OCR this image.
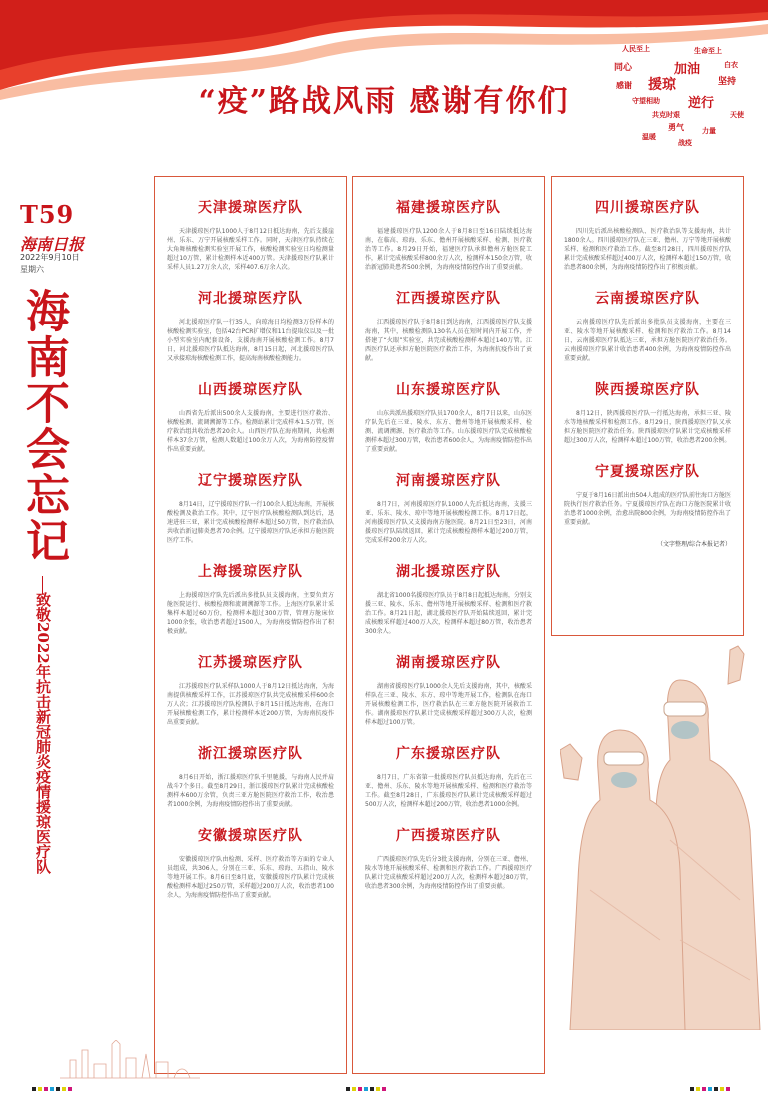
“疫”路战风雨 感谢有你们
人民至上	生命至上
加油
援琼
同心
逆行
守望相助
坚持
感谢
共克时艰
白衣
天使
勇气	力量
温暖
战疫
T59
海南日报
2022年9月10日
星期六
海南不会忘记
致敬2022年抗击新冠肺炎疫情援琼医疗队
天津援琼医疗队
天津援琼医疗队1000人于8月12日抵达海南，先后支援崖州、乐东、万宁开展核酸采样工作。同时，天津医疗队持续在大角舞核酸检测实验室开展工作，核酸检测实验室日均检测量超过10万管，累计检测样本近400万管。天津援琼医疗队累计采样人员1.27万余人次，采样407.6万余人次。
河北援琼医疗队
河北援琼医疗队一行35人，向琼海日均检测3万份样本的核酸检测实验室，包括42台PCR扩增仪和11台提取仪以及一批小型实验室内配套设备，支援海南开展核酸检测工作。8月7日，河北援琼医疗队抵达海南，8月15日起，河北援琼医疗队又承接琼海核酸检测工作，提高海南核酸检测能力。
山西援琼医疗队
山西省先后派出500余人支援海南，主要进行医疗救治、核酸检测、流调溯源等工作。检测站累计完成样本1.5万管，医疗救治组共收治患者20余人。山西医疗队在海南期间，共检测样本37余万管，检测人数超过100余万人次，为海南防控疫情作出重要贡献。
辽宁援琼医疗队
8月14日，辽宁援琼医疗队一行100余人抵达海南，开展核酸检测及救治工作。其中，辽宁医疗队核酸检测队到达后，迅速进驻三亚，累计完成核酸检测样本超过50万管，医疗救治队共收治新冠肺炎患者70余例。辽宁援琼医疗队还承担方舱医院医疗工作。
上海援琼医疗队
上海援琼医疗队先后派出多批队员支援海南，主要负责方舱医院运行、核酸检测和流调溯源等工作。上海医疗队累计采集样本超过60万份，检测样本超过300万管，管理方舱床位1000余张，收治患者超过1500人，为海南疫情防控作出了积极贡献。
江苏援琼医疗队
江苏援琼医疗队采样队1000人于8月12日抵达海南，为海南提供核酸采样工作，江苏援琼医疗队共完成核酸采样600余万人次；江苏援琼医疗队检测队于8月15日抵达海南，在海口开展核酸检测工作，累计检测样本近200万管，为海南抗疫作出重要贡献。
浙江援琼医疗队
8月6日开始，浙江援琼医疗队千里驰援，与海南人民并肩战斗7个多日。截至8月29日，浙江援琼医疗队累计完成核酸检测样本600万余管，负责三亚方舱医院医疗救治工作，收治患者1000余例，为海南疫情防控作出了重要贡献。
安徽援琼医疗队
安徽援琼医疗队由检测、采样、医疗救治等方面的专业人员组成，共306人，分别在三亚、乐东、琼海、五指山、陵水等地开展工作。8月6日至8月底，安徽援琼医疗队累计完成核酸检测样本超过250万管，采样超过200万人次，收治患者100余人，为海南疫情防控作出了重要贡献。
福建援琼医疗队
福建援琼医疗队1200余人于8月8日至16日陆续抵达海南，在临高、琼海、乐东、儋州开展核酸采样、检测、医疗救治等工作。8月29日开始，福建医疗队承担儋州方舱医院工作，累计完成核酸采样800余万人次，检测样本150余万管，收治新冠肺炎患者500余例，为海南疫情防控作出了重要贡献。
江西援琼医疗队
江西援琼医疗队于8月8日到达海南，江西援琼医疗队支援海南，其中，核酸检测队130名人员在短时间内开展工作，并搭建了“火眼”实验室，共完成核酸检测样本超过140万管。江西医疗队还承担方舱医院医疗救治工作，为海南抗疫作出了贡献。
山东援琼医疗队
山东共派出援琼医疗队员1700余人，8月7日以来，山东医疗队先后在三亚、陵水、东方、儋州等地开展核酸采样、检测、流调溯源、医疗救治等工作。山东援琼医疗队完成核酸检测样本超过300万管，收治患者600余人，为海南疫情防控作出了重要贡献。
河南援琼医疗队
8月7日，河南援琼医疗队1000人先后抵达海南，支援三亚、乐东、陵水、琼中等地开展核酸检测工作。8月17日起，河南援琼医疗队又支援海南方舱医院。8月21日至23日，河南援琼医疗队陆续返回，累计完成核酸检测样本超过200万管，完成采样200余万人次。
湖北援琼医疗队
湖北省1000名援琼医疗队员于8月8日起抵达海南，分别支援三亚、陵水、乐东、儋州等地开展核酸采样、检测和医疗救治工作。8月21日起，湖北援琼医疗队开始陆续返回，累计完成核酸采样超过400万人次，检测样本超过80万管，收治患者300余人。
湖南援琼医疗队
湖南省援琼医疗队1000余人先后支援海南，其中，核酸采样队在三亚、陵水、东方、琼中等地开展工作，检测队在海口开展核酸检测工作，医疗救治队在三亚方舱医院开展救治工作。湖南援琼医疗队累计完成核酸采样超过300万人次，检测样本超过100万管。
广东援琼医疗队
8月7日，广东省第一批援琼医疗队员抵达海南，先后在三亚、儋州、乐东、陵水等地开展核酸采样、检测和医疗救治等工作。截至8月28日，广东援琼医疗队累计完成核酸采样超过500万人次，检测样本超过200万管，收治患者1000余例。
广西援琼医疗队
广西援琼医疗队先后分3批支援海南，分别在三亚、儋州、陵水等地开展核酸采样、检测和医疗救治工作。广西援琼医疗队累计完成核酸采样超过200万人次，检测样本超过80万管，收治患者300余例，为海南疫情防控作出了重要贡献。
四川援琼医疗队
四川先后派出核酸检测队、医疗救治队等支援海南，共计1800余人。四川援琼医疗队在三亚、儋州、万宁等地开展核酸采样、检测和医疗救治工作。截至8月28日，四川援琼医疗队累计完成核酸采样超过400万人次，检测样本超过150万管，收治患者800余例，为海南疫情防控作出了积极贡献。
云南援琼医疗队
云南援琼医疗队先后派出多批队员支援海南，主要在三亚、陵水等地开展核酸采样、检测和医疗救治工作。8月14日，云南援琼医疗队抵达三亚，承担方舱医院医疗救治任务。云南援琼医疗队累计收治患者400余例，为海南疫情防控作出重要贡献。
陕西援琼医疗队
8月12日，陕西援琼医疗队一行抵达海南，承担三亚、陵水等地核酸采样和检测工作。8月29日，陕西援琼医疗队又承担方舱医院医疗救治任务。陕西援琼医疗队累计完成核酸采样超过300万人次，检测样本超过100万管，收治患者200余例。
宁夏援琼医疗队
宁夏于8月16日派出由504人组成的医疗队前往海口方舱医院执行医疗救治任务。宁夏援琼医疗队在海口方舱医院累计收治患者1000余例，治愈出院800余例，为海南疫情防控作出了重要贡献。
（文字整理/综合本报记者）
